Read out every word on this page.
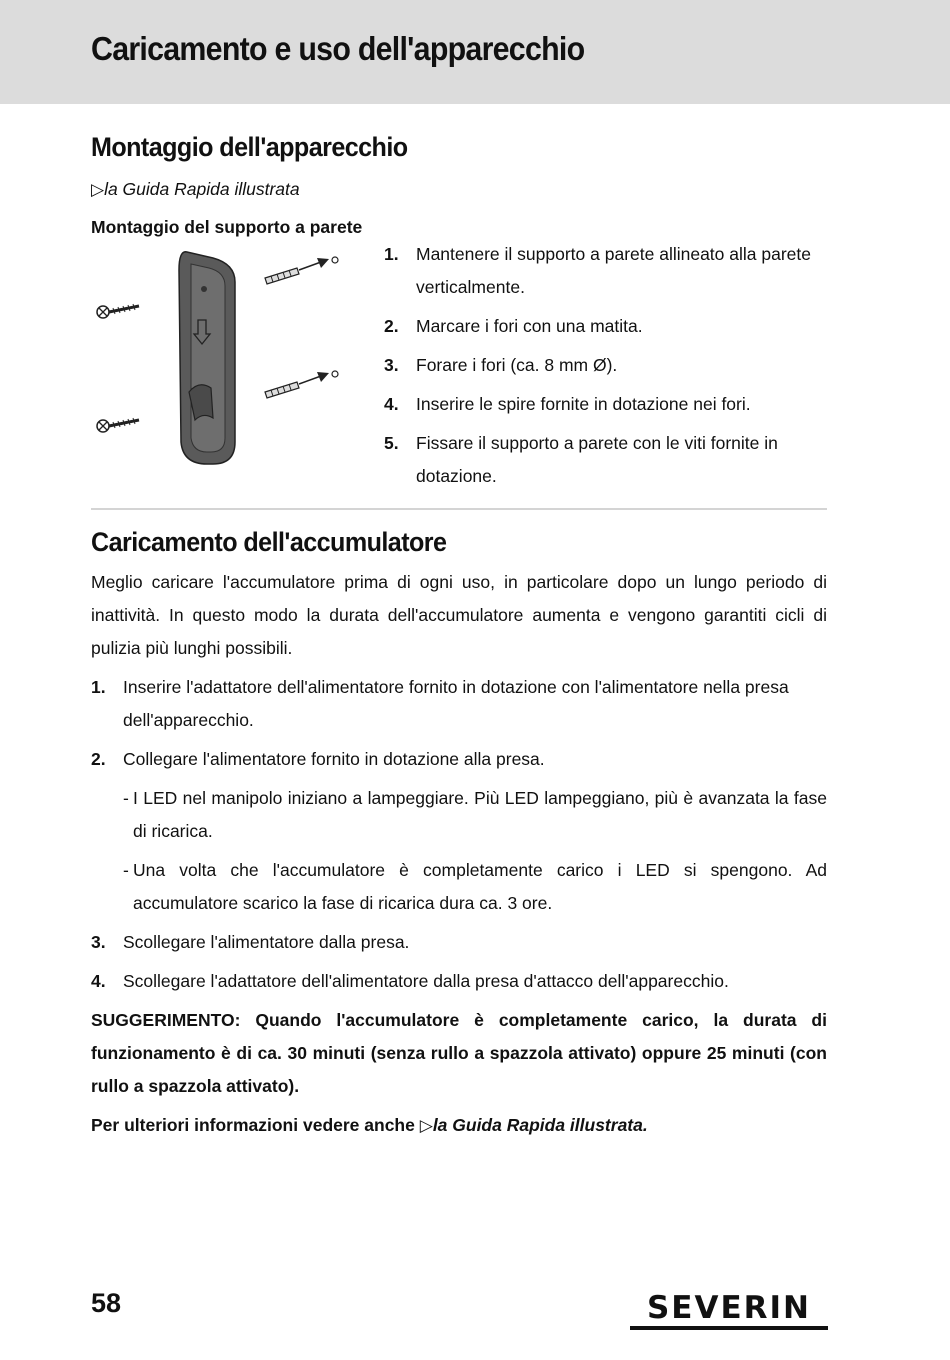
Caricamento e uso dell'apparecchio
Montaggio dell'apparecchio

▷la Guida Rapida illustrata

Montaggio del supporto a parete

1. Mantenere il supporto a parete allineato alla parete verticalmente.
2. Marcare i fori con una matita.
3. Forare i fori (ca. 8 mm Ø).
4. Inserire le spire fornite in dotazione nei fori.
5. Fissare il supporto a parete con le viti fornite in dotazione.
Caricamento dell'accumulatore

Meglio caricare l'accumulatore prima di ogni uso, in particolare dopo un lungo periodo di inattività. In questo modo la durata dell'accumulatore aumenta e vengono garantiti cicli di pulizia più lunghi possibili.

1. Inserire l'adattatore dell'alimentatore fornito in dotazione con l'alimentatore nella presa dell'apparecchio.
2. Collegare l'alimentatore fornito in dotazione alla presa.

- I LED nel manipolo iniziano a lampeggiare. Più LED lampeggiano, più è avanzata la fase di ricarica.

- Una volta che l'accumulatore è completamente carico i LED si spengono. Ad accumulatore scarico la fase di ricarica dura ca. 3 ore.

3. Scollegare l'alimentatore dalla presa.
4. Scollegare l'adattatore dell'alimentatore dalla presa d'attacco dell'apparecchio.

SUGGERIMENTO: Quando l'accumulatore è completamente carico, la durata di funzionamento è di ca. 30 minuti (senza rullo a spazzola attivato) oppure 25 minuti (con rullo a spazzola attivato).

Per ulteriori informazioni vedere anche ▷la Guida Rapida illustrata.

58	SEVERIN
